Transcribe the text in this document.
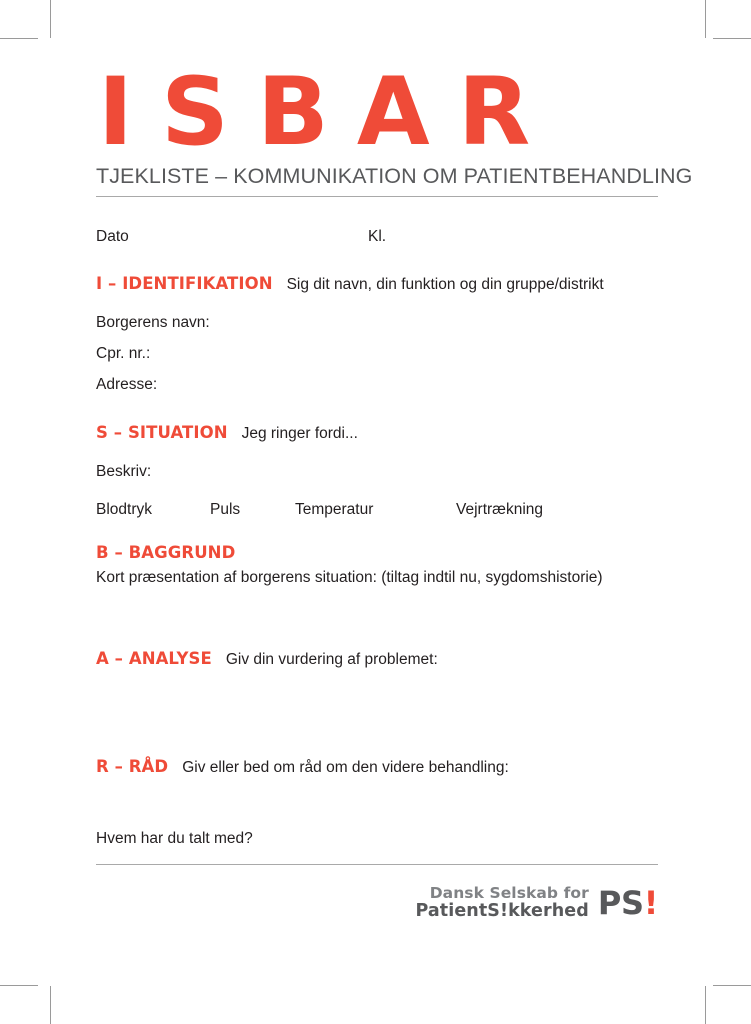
ISBAR
TJEKLISTE – KOMMUNIKATION OM PATIENTBEHANDLING
Dato	Kl.
I – IDENTIFIKATION Sig dit navn, din funktion og din gruppe/distrikt
Borgerens navn:
Cpr. nr.:
Adresse:
S – SITUATION Jeg ringer fordi...
Beskriv:
Blodtryk	Puls	Temperatur	Vejrtrækning
B – BAGGRUND
Kort præsentation af borgerens situation: (tiltag indtil nu, sygdomshistorie)
A – ANALYSE Giv din vurdering af problemet:
R – RÅD Giv eller bed om råd om den videre behandling:
Hvem har du talt med?
Dansk Selskab for
PatientS!kkerhed PS!
